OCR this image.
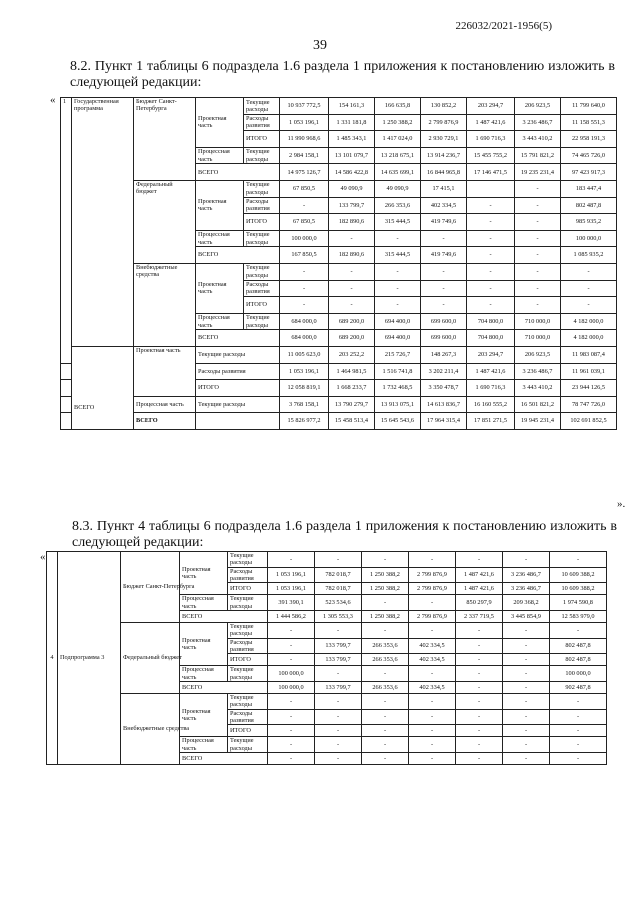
226032/2021-1956(5)
39
8.2. Пункт 1 таблицы 6 подраздела 1.6 раздела 1 приложения к постановлению изложить в следующей редакции:
«
».
1	Государственная программа	Бюджет Санкт-Петербурга	Проектная часть	Текущие расходы	10 937 772,5	154 161,3	166 635,8	130 852,2	203 294,7	206 923,5	11 799 640,0
				Расходы развития	1 053 196,1	1 331 181,8	1 250 388,2	2 799 876,9	1 487 421,6	3 236 486,7	11 158 551,3
				ИТОГО	11 990 968,6	1 485 343,1	1 417 024,0	2 930 729,1	1 690 716,3	3 443 410,2	22 958 191,3
			Процессная часть	Текущие расходы	2 984 158,1	13 101 079,7	13 218 675,1	13 914 236,7	15 455 755,2	15 791 821,2	74 465 726,0
			ВСЕГО		14 975 126,7	14 586 422,8	14 635 699,1	16 844 965,8	17 146 471,5	19 235 231,4	97 423 917,3
		Федеральный бюджет	Проектная часть	Текущие расходы	67 850,5	49 090,9	49 090,9	17 415,1		-	183 447,4
				Расходы развития	-	133 799,7	266 353,6	402 334,5	-	-	802 487,8
				ИТОГО	67 850,5	182 890,6	315 444,5	419 749,6	-	-	985 935,2
			Процессная часть	Текущие расходы	100 000,0	-	-	-	-	-	100 000,0
			ВСЕГО		167 850,5	182 890,6	315 444,5	419 749,6	-	-	1 085 935,2
		Внебюджетные средства	Проектная часть	Текущие расходы	-	-	-	-	-	-	-
				Расходы развития	-	-	-	-	-	-	-
				ИТОГО	-	-	-	-	-	-	-
			Процессная часть	Текущие расходы	684 000,0	689 200,0	694 400,0	699 600,0	704 800,0	710 000,0	4 182 000,0
			ВСЕГО		684 000,0	689 200,0	694 400,0	699 600,0	704 800,0	710 000,0	4 182 000,0
	ВСЕГО	Проектная часть	Текущие расходы		11 005 623,0	203 252,2	215 726,7	148 267,3	203 294,7	206 923,5	11 983 087,4
			Расходы развития		1 053 196,1	1 464 981,5	1 516 741,8	3 202 211,4	1 487 421,6	3 236 486,7	11 961 039,1
			ИТОГО		12 058 819,1	1 668 233,7	1 732 468,5	3 350 478,7	1 690 716,3	3 443 410,2	23 944 126,5
		Процессная часть	Текущие расходы		3 768 158,1	13 790 279,7	13 913 075,1	14 613 836,7	16 160 555,2	16 501 821,2	78 747 726,0
		ВСЕГО			15 826 977,2	15 458 513,4	15 645 543,6	17 964 315,4	17 851 271,5	19 945 231,4	102 691 852,5
8.3. Пункт 4 таблицы 6 подраздела 1.6 раздела 1 приложения к постановлению изложить в следующей редакции:
«
4	Подпрограмма 3	Бюджет Санкт-Петербурга	Проектная часть	Текущие расходы	-	-	-	-	-	-	-
				Расходы развития	1 053 196,1	782 018,7	1 250 388,2	2 799 876,9	1 487 421,6	3 236 486,7	10 609 388,2
				ИТОГО	1 053 196,1	782 018,7	1 250 388,2	2 799 876,9	1 487 421,6	3 236 486,7	10 609 388,2
			Процессная часть	Текущие расходы	391 390,1	523 534,6	-	-	850 297,9	209 368,2	1 974 590,8
			ВСЕГО		1 444 586,2	1 305 553,3	1 250 388,2	2 799 876,9	2 337 719,5	3 445 854,9	12 583 979,0
		Федеральный бюджет	Проектная часть	Текущие расходы	-	-	-	-	-	-	-
				Расходы развития	-	133 799,7	266 353,6	402 334,5	-	-	802 487,8
				ИТОГО	-	133 799,7	266 353,6	402 334,5	-	-	802 487,8
			Процессная часть	Текущие расходы	100 000,0	-	-	-	-	-	100 000,0
			ВСЕГО		100 000,0	133 799,7	266 353,6	402 334,5	-	-	902 487,8
		Внебюджетные средства	Проектная часть	Текущие расходы	-	-	-	-	-	-	-
				Расходы развития	-	-	-	-	-	-	-
				ИТОГО	-	-	-	-	-	-	-
			Процессная часть	Текущие расходы	-	-	-	-	-	-	-
			ВСЕГО		-	-	-	-	-	-	-
